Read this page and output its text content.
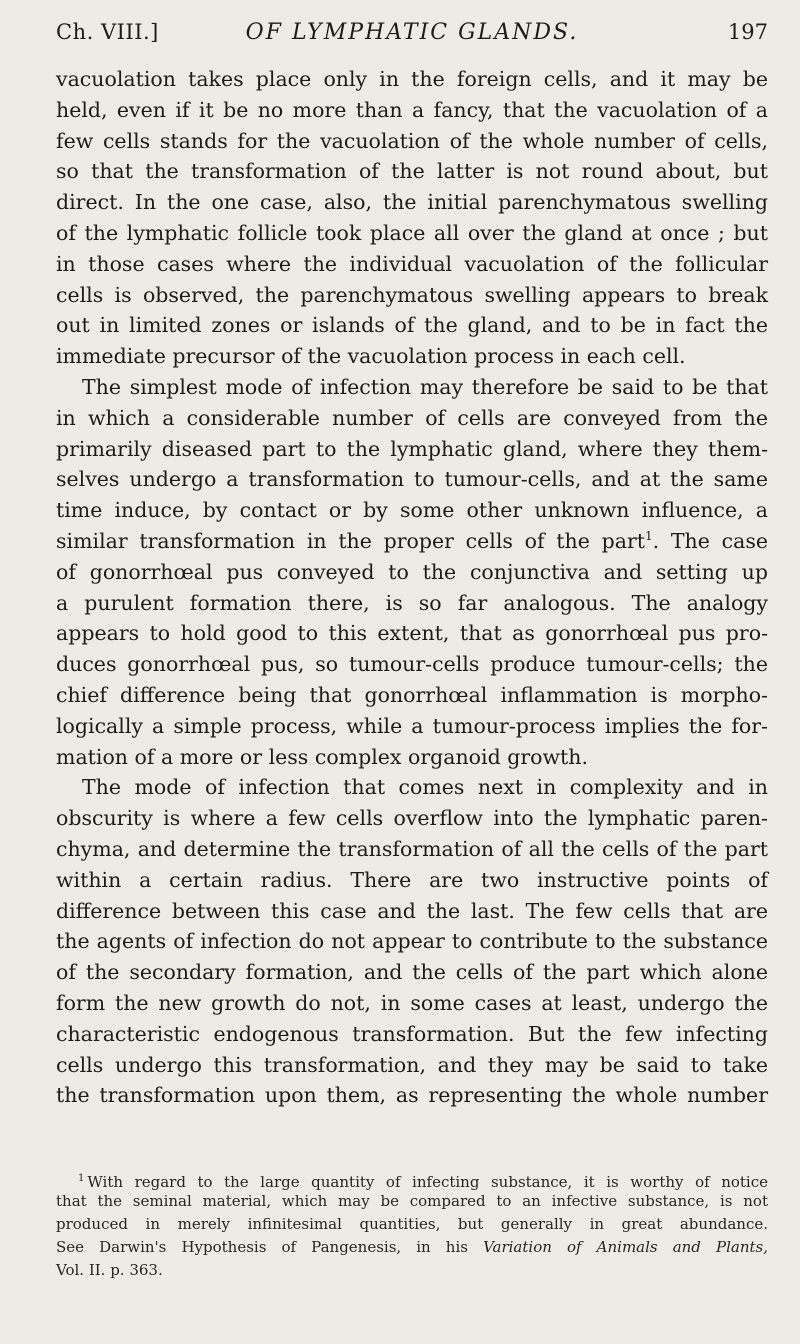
Ch. VIII.]	OF LYMPHATIC GLANDS.	197
vacuolation takes place only in the foreign cells, and it may be
held, even if it be no more than a fancy, that the vacuolation of a
few cells stands for the vacuolation of the whole number of cells,
so that the transformation of the latter is not round about, but
direct. In the one case, also, the initial parenchymatous swelling
of the lymphatic follicle took place all over the gland at once ; but
in those cases where the individual vacuolation of the follicular
cells is observed, the parenchymatous swelling appears to break
out in limited zones or islands of the gland, and to be in fact the
immediate precursor of the vacuolation process in each cell.
The simplest mode of infection may therefore be said to be that
in which a considerable number of cells are conveyed from the
primarily diseased part to the lymphatic gland, where they them-
selves undergo a transformation to tumour-cells, and at the same
time induce, by contact or by some other unknown influence, a
similar transformation in the proper cells of the part$^1$. The case
of gonorrhœal pus conveyed to the conjunctiva and setting up
a purulent formation there, is so far analogous. The analogy
appears to hold good to this extent, that as gonorrhœal pus pro-
duces gonorrhœal pus, so tumour-cells produce tumour-cells; the
chief difference being that gonorrhœal inflammation is morpho-
logically a simple process, while a tumour-process implies the for-
mation of a more or less complex organoid growth.
The mode of infection that comes next in complexity and in
obscurity is where a few cells overflow into the lymphatic paren-
chyma, and determine the transformation of all the cells of the part
within a certain radius. There are two instructive points of
difference between this case and the last. The few cells that are
the agents of infection do not appear to contribute to the substance
of the secondary formation, and the cells of the part which alone
form the new growth do not, in some cases at least, undergo the
characteristic endogenous transformation. But the few infecting
cells undergo this transformation, and they may be said to take
the transformation upon them, as representing the whole number
$^1$ With regard to the large quantity of infecting substance, it is worthy of notice
that the seminal material, which may be compared to an infective substance, is not
produced in merely infinitesimal quantities, but generally in great abundance.
See Darwin's Hypothesis of Pangenesis, in his Variation of Animals and Plants,
Vol. II. p. 363.
